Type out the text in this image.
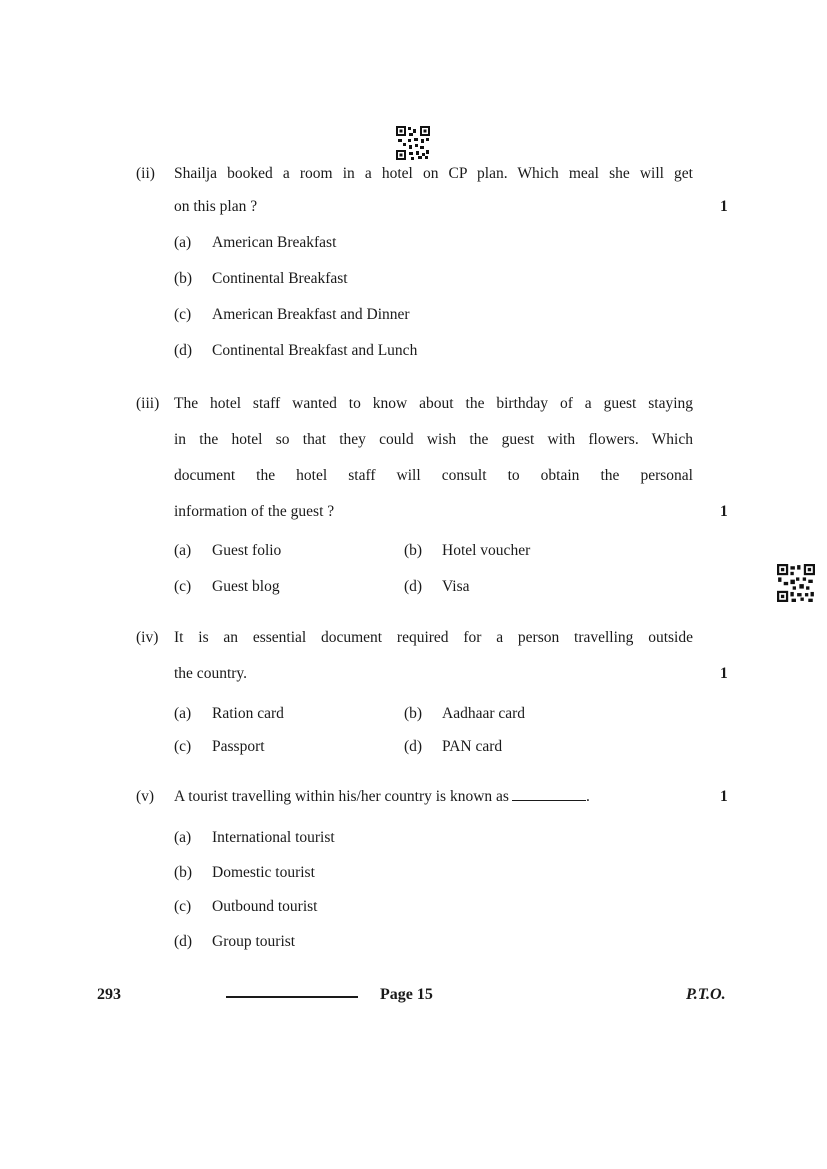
(ii) Shailja booked a room in a hotel on CP plan. Which meal she will get
on this plan ?	1
(a) American Breakfast
(b) Continental Breakfast
(c) American Breakfast and Dinner
(d) Continental Breakfast and Lunch
(iii) The hotel staff wanted to know about the birthday of a guest staying
in the hotel so that they could wish the guest with flowers. Which
document the hotel staff will consult to obtain the personal
information of the guest ?	1
(a) Guest folio	(b) Hotel voucher
(c) Guest blog	(d) Visa
(iv) It is an essential document required for a person travelling outside
the country.	1
(a) Ration card	(b) Aadhaar card
(c) Passport	(d) PAN card
(v) A tourist travelling within his/her country is known as	.	1
(a) International tourist
(b) Domestic tourist
(c) Outbound tourist
(d) Group tourist
293	Page 15	P.T.O.
